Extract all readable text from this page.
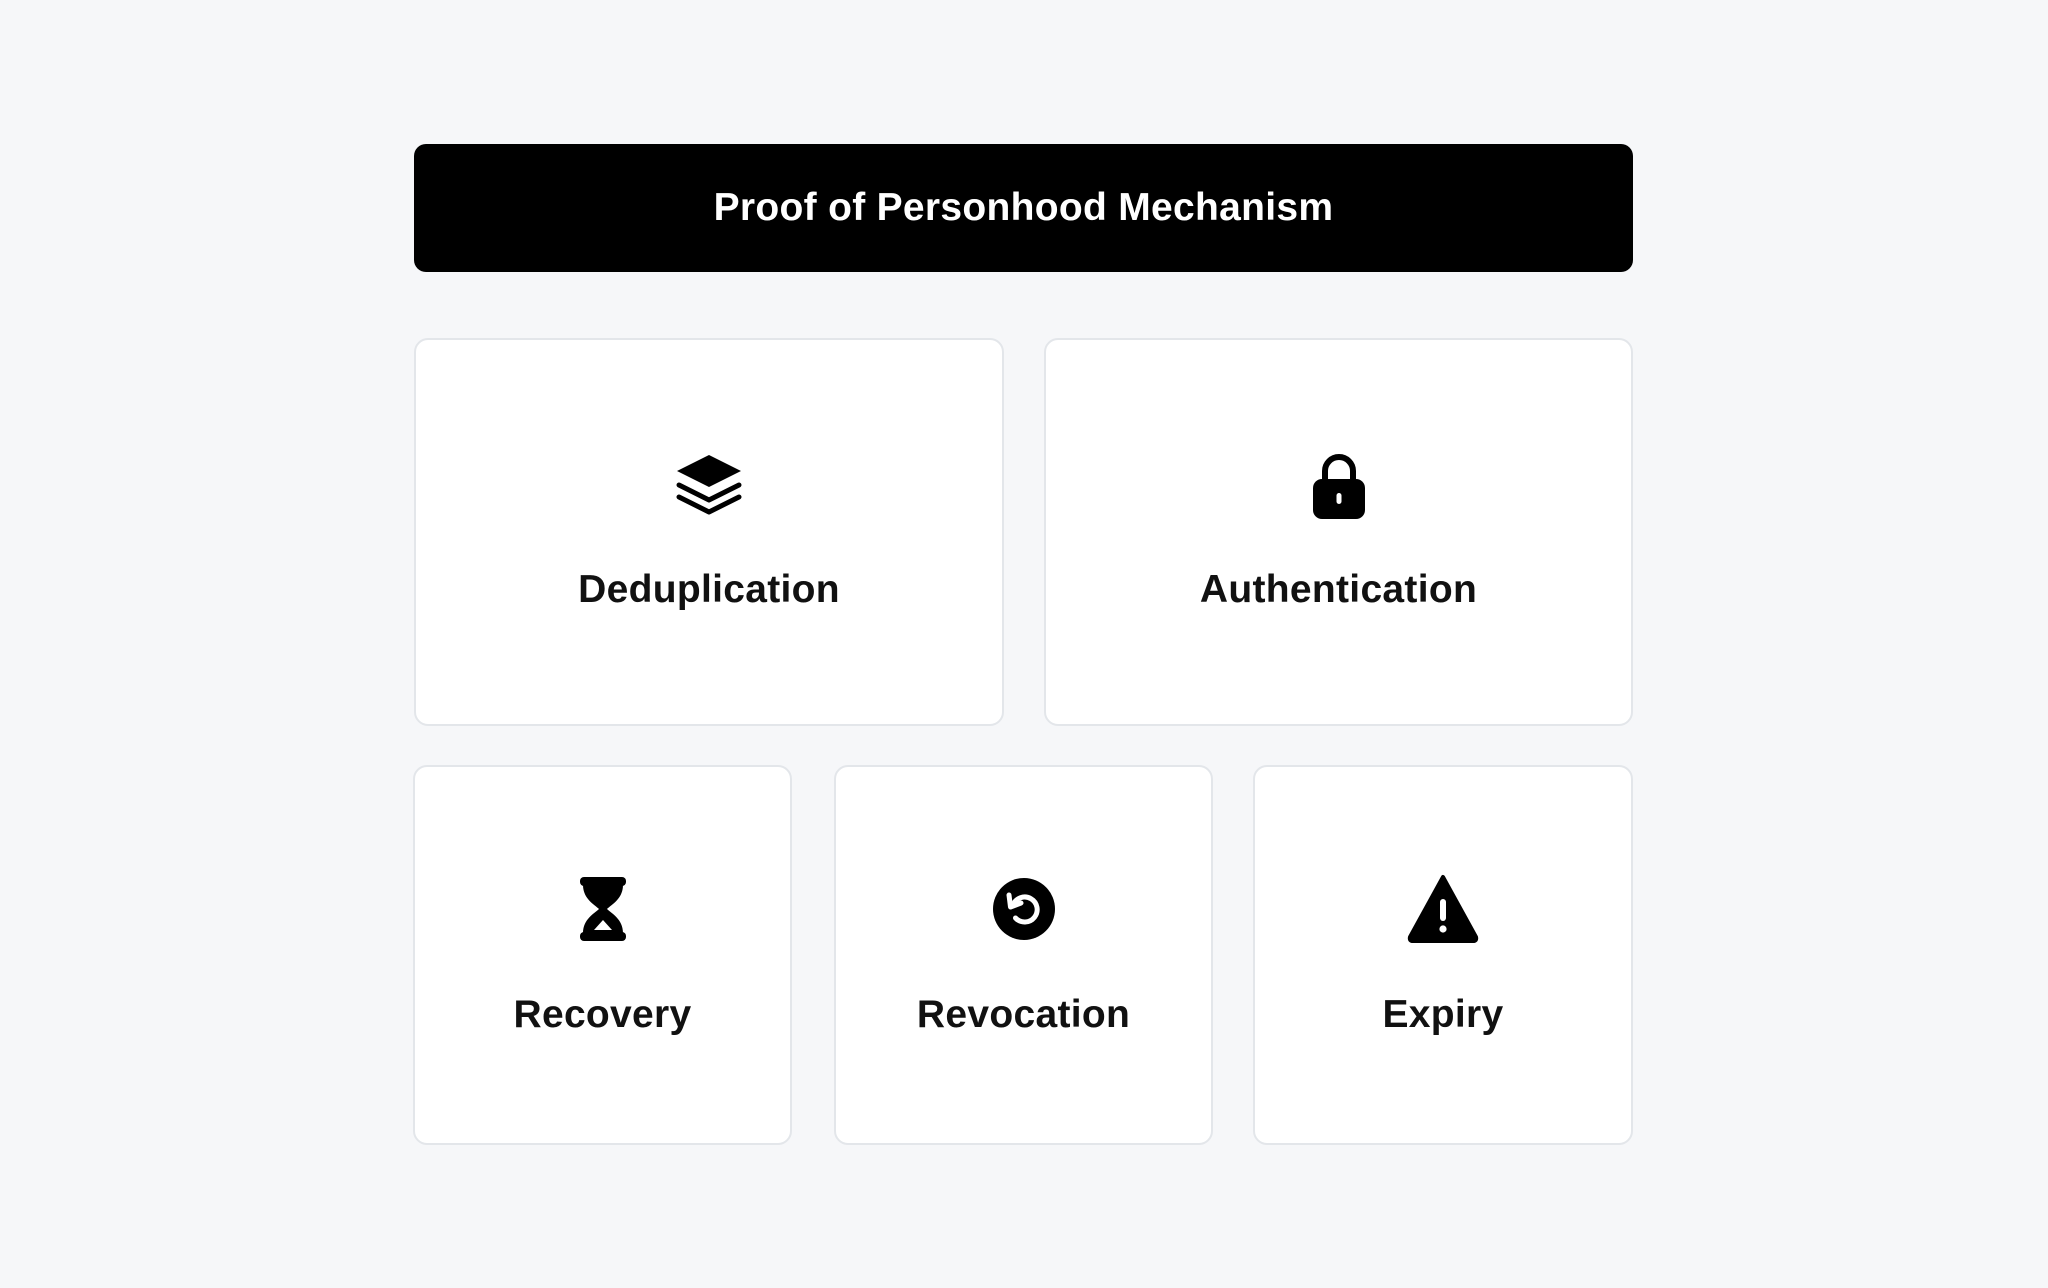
Proof of Personhood Mechanism
Deduplication	Authentication
Recovery	Revocation	Expiry
